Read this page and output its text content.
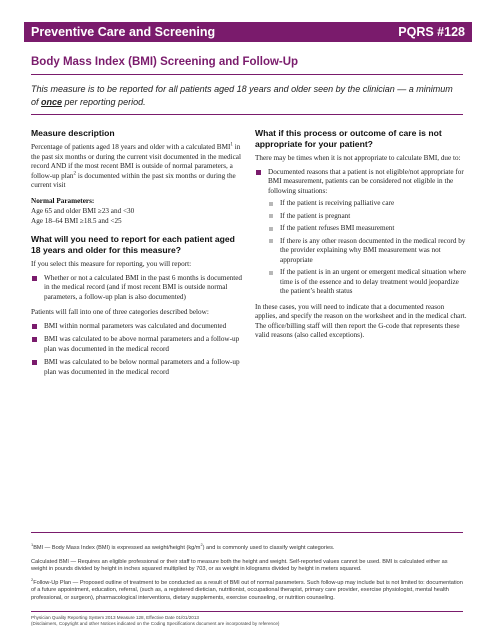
Preventive Care and Screening	PQRS #128
Body Mass Index (BMI) Screening and Follow-Up
This measure is to be reported for all patients aged 18 years and older seen by the clinician — a minimum of once per reporting period.
Measure description

Percentage of patients aged 18 years and older with a calculated BMI$^1$ in the past six months or during the current visit documented in the medical record AND if the most recent BMI is outside of normal parameters, a follow-up plan$^2$ is documented within the past six months or during the current visit

Normal Parameters:

Age 65 and older BMI ≥23 and <30

Age 18–64 BMI ≥18.5 and <25

What will you need to report for each patient aged 18 years and older for this measure?

If you select this measure for reporting, you will report:

Whether or not a calculated BMI in the past 6 months is documented in the medical record (and if most recent BMI is outside normal parameters, a follow-up plan is also documented)

Patients will fall into one of three categories described below:

BMI within normal parameters was calculated and documented
BMI was calculated to be above normal parameters and a follow-up plan was documented in the medical record
BMI was calculated to be below normal parameters and a follow-up plan was documented in the medical record
What if this process or outcome of care is not appropriate for your patient?

There may be times when it is not appropriate to calculate BMI, due to:

Documented reasons that a patient is not eligible/not appropriate for BMI measurement, patients can be considered not eligible in the following situations:
If the patient is receiving palliative care
If the patient is pregnant
If the patient refuses BMI measurement
If there is any other reason documented in the medical record by the provider explaining why BMI measurement was not appropriate
If the patient is in an urgent or emergent medical situation where time is of the essence and to delay treatment would jeopardize the patient’s health status

In these cases, you will need to indicate that a documented reason applies, and specify the reason on the worksheet and in the medical chart. The office/billing staff will then report the G-code that represents these valid reasons (also called exceptions).

$^1$BMI — Body Mass Index (BMI) is expressed as weight/height $(kg/m^2)$ and is commonly used to classify weight categories.

Calculated BMI — Requires an eligible professional or their staff to measure both the height and weight. Self-reported values cannot be used. BMI is calculated either as weight in pounds divided by height in inches squared multiplied by 703, or as weight in kilograms divided by height in meters squared.

$^2$Follow-Up Plan — Proposed outline of treatment to be conducted as a result of BMI out of normal parameters. Such follow-up may include but is not limited to: documentation of a future appointment, education, referral, (such as, a registered dietician, nutritionist, occupational therapist, primary care provider, exercise physiologist, mental health professional, or surgeon), pharmacological interventions, dietary supplements, exercise counseling, or nutrition counseling.

Physician Quality Reporting System 2013 Measure 128, Effective Date 01/01/2013
(Disclaimers, Copyright and other Notices indicated on the Coding Specifications document are incorporated by reference)
